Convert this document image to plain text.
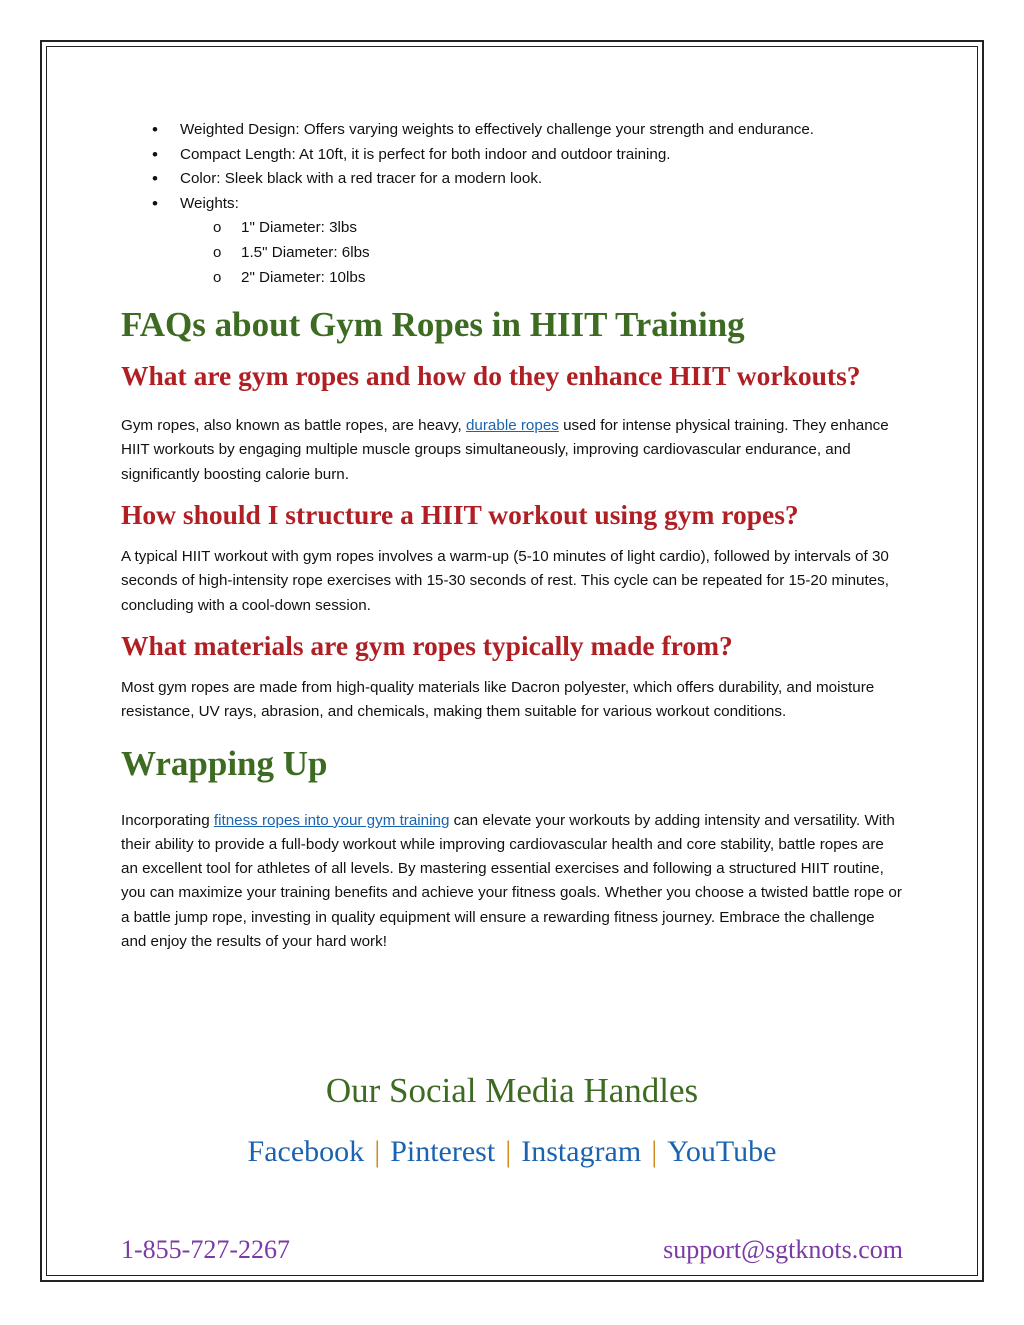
• Weighted Design: Offers varying weights to effectively challenge your strength and endurance.
• Compact Length: At 10ft, it is perfect for both indoor and outdoor training.
• Color: Sleek black with a red tracer for a modern look.
• Weights:
o 1" Diameter: 3lbs
o 1.5" Diameter: 6lbs
o 2" Diameter: 10lbs
FAQs about Gym Ropes in HIIT Training
What are gym ropes and how do they enhance HIIT workouts?

Gym ropes, also known as battle ropes, are heavy, durable ropes used for intense physical training. They enhance HIIT workouts by engaging multiple muscle groups simultaneously, improving cardiovascular endurance, and significantly boosting calorie burn.

How should I structure a HIIT workout using gym ropes?

A typical HIIT workout with gym ropes involves a warm-up (5-10 minutes of light cardio), followed by intervals of 30 seconds of high-intensity rope exercises with 15-30 seconds of rest. This cycle can be repeated for 15-20 minutes, concluding with a cool-down session.

What materials are gym ropes typically made from?

Most gym ropes are made from high-quality materials like Dacron polyester, which offers durability, and moisture resistance, UV rays, abrasion, and chemicals, making them suitable for various workout conditions.

Wrapping Up

Incorporating fitness ropes into your gym training can elevate your workouts by adding intensity and versatility. With their ability to provide a full-body workout while improving cardiovascular health and core stability, battle ropes are an excellent tool for athletes of all levels. By mastering essential exercises and following a structured HIIT routine, you can maximize your training benefits and achieve your fitness goals. Whether you choose a twisted battle rope or a battle jump rope, investing in quality equipment will ensure a rewarding fitness journey. Embrace the challenge and enjoy the results of your hard work!

Our Social Media Handles
Facebook | Pinterest | Instagram | YouTube
1-855-727-2267	support@sgtknots.com
